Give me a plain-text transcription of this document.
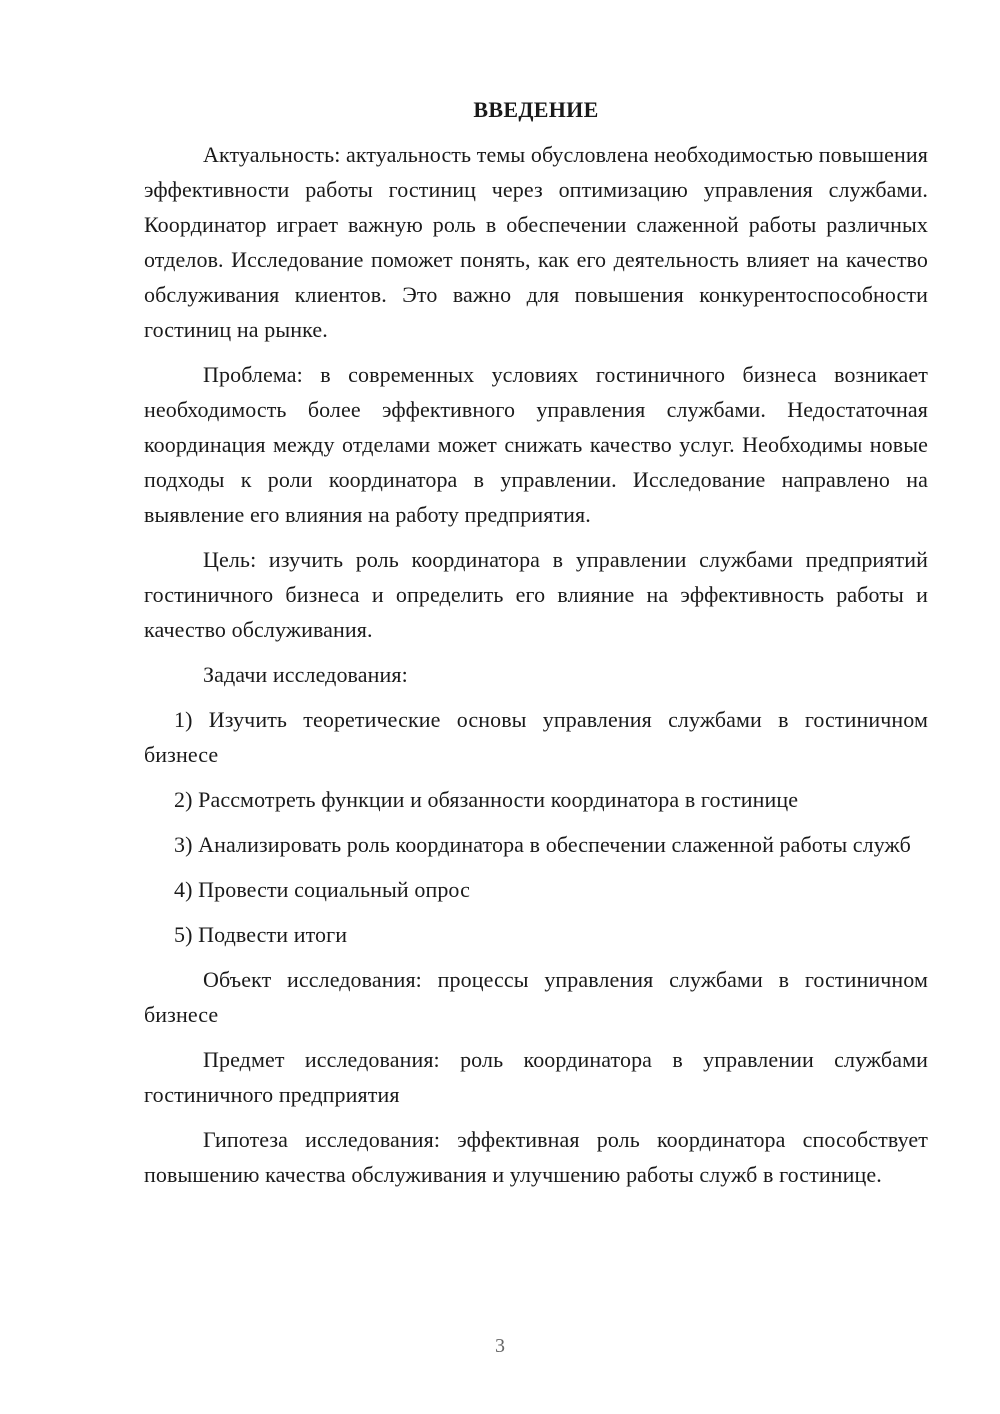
ВВЕДЕНИЕ

Актуальность: актуальность темы обусловлена необходимостью повышения эффективности работы гостиниц через оптимизацию управления службами. Координатор играет важную роль в обеспечении слаженной работы различных отделов. Исследование поможет понять, как его деятельность влияет на качество обслуживания клиентов. Это важно для повышения конкурентоспособности гостиниц на рынке.

Проблема: в современных условиях гостиничного бизнеса возникает необходимость более эффективного управления службами. Недостаточная координация между отделами может снижать качество услуг. Необходимы новые подходы к роли координатора в управлении. Исследование направлено на выявление его влияния на работу предприятия.

Цель: изучить роль координатора в управлении службами предприятий гостиничного бизнеса и определить его влияние на эффективность работы и качество обслуживания.

Задачи исследования:

1) Изучить теоретические основы управления службами в гостиничном бизнесе

2) Рассмотреть функции и обязанности координатора в гостинице

3) Анализировать роль координатора в обеспечении слаженной работы служб

4) Провести социальный опрос

5) Подвести итоги

Объект исследования: процессы управления службами в гостиничном бизнесе

Предмет исследования: роль координатора в управлении службами гостиничного предприятия

Гипотеза исследования: эффективная роль координатора способствует повышению качества обслуживания и улучшению работы служб в гостинице.

3
